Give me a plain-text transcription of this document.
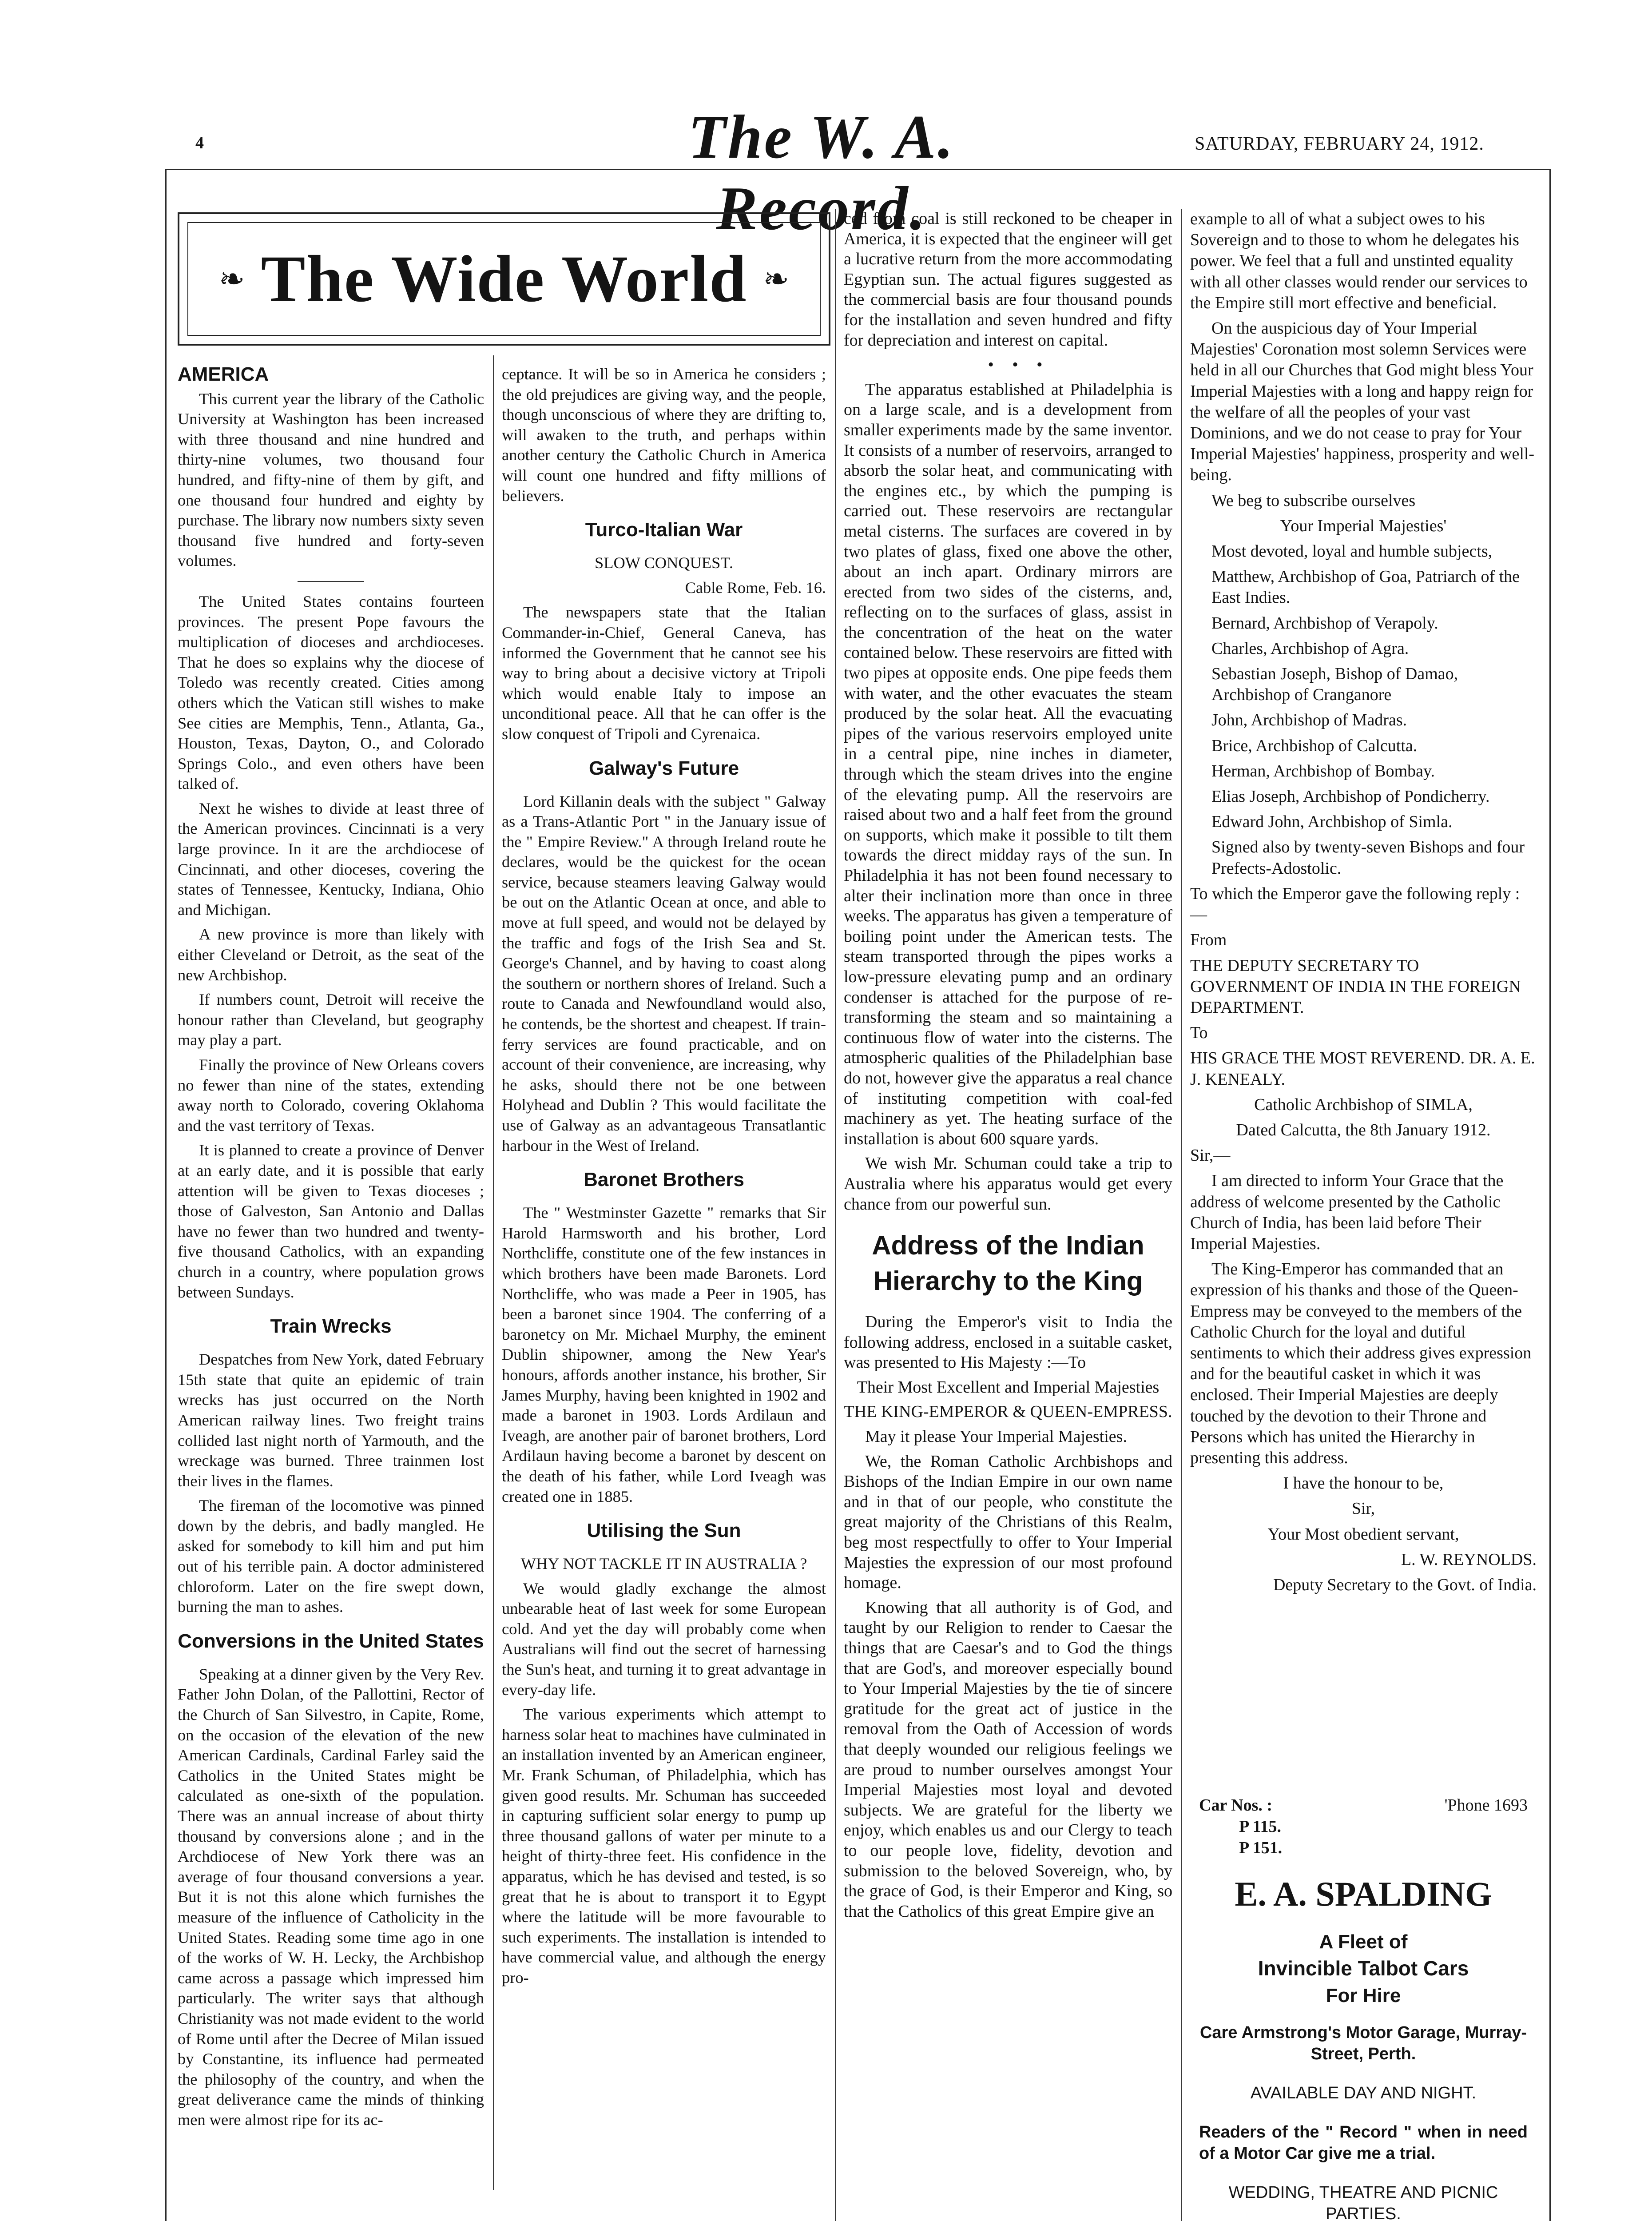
4	The W. A. Record.
SATURDAY, FEBRUARY 24, 1912.
❧ The Wide World ❧
AMERICA

This current year the library of the Catholic University at Washington has been increased with three thousand and nine hundred and thirty-nine volumes, two thousand four hundred, and fifty-nine of them by gift, and one thousand four hundred and eighty by purchase. The library now numbers sixty seven thousand five hundred and forty-seven volumes.

The United States contains fourteen provinces. The present Pope favours the multiplication of dioceses and archdioceses. That he does so explains why the diocese of Toledo was recently created. Cities among others which the Vatican still wishes to make See cities are Memphis, Tenn., Atlanta, Ga., Houston, Texas, Dayton, O., and Colorado Springs Colo., and even others have been talked of.

Next he wishes to divide at least three of the American provinces. Cincinnati is a very large province. In it are the archdiocese of Cincinnati, and other dioceses, covering the states of Tennessee, Kentucky, Indiana, Ohio and Michigan.

A new province is more than likely with either Cleveland or Detroit, as the seat of the new Archbishop.

If numbers count, Detroit will receive the honour rather than Cleveland, but geography may play a part.

Finally the province of New Orleans covers no fewer than nine of the states, extending away north to Colorado, covering Oklahoma and the vast territory of Texas.

It is planned to create a province of Denver at an early date, and it is possible that early attention will be given to Texas dioceses ; those of Galveston, San Antonio and Dallas have no fewer than two hundred and twenty-five thousand Catholics, with an expanding church in a country, where population grows between Sundays.

Train Wrecks

Despatches from New York, dated February 15th state that quite an epidemic of train wrecks has just occurred on the North American railway lines. Two freight trains collided last night north of Yarmouth, and the wreckage was burned. Three trainmen lost their lives in the flames.

The fireman of the locomotive was pinned down by the debris, and badly mangled. He asked for somebody to kill him and put him out of his terrible pain. A doctor administered chloroform. Later on the fire swept down, burning the man to ashes.

Conversions in the United States

Speaking at a dinner given by the Very Rev. Father John Dolan, of the Pallottini, Rector of the Church of San Silvestro, in Capite, Rome, on the occasion of the elevation of the new American Cardinals, Cardinal Farley said the Catholics in the United States might be calculated as one-sixth of the population. There was an annual increase of about thirty thousand by conversions alone ; and in the Archdiocese of New York there was an average of four thousand conversions a year. But it is not this alone which furnishes the measure of the influence of Catholicity in the United States. Reading some time ago in one of the works of W. H. Lecky, the Archbishop came across a passage which impressed him particularly. The writer says that although Christianity was not made evident to the world of Rome until after the Decree of Milan issued by Constantine, its influence had permeated the philosophy of the country, and when the great deliverance came the minds of thinking men were almost ripe for its ac-

ceptance. It will be so in America he considers ; the old prejudices are giving way, and the people, though unconscious of where they are drifting to, will awaken to the truth, and perhaps within another century the Catholic Church in America will count one hundred and fifty millions of believers.

Turco-Italian War

SLOW CONQUEST.

Cable Rome, Feb. 16.

The newspapers state that the Italian Commander-in-Chief, General Caneva, has informed the Government that he cannot see his way to bring about a decisive victory at Tripoli which would enable Italy to impose an unconditional peace. All that he can offer is the slow conquest of Tripoli and Cyrenaica.

Galway's Future

Lord Killanin deals with the subject " Galway as a Trans-Atlantic Port " in the January issue of the " Empire Review." A through Ireland route he declares, would be the quickest for the ocean service, because steamers leaving Galway would be out on the Atlantic Ocean at once, and able to move at full speed, and would not be delayed by the traffic and fogs of the Irish Sea and St. George's Channel, and by having to coast along the southern or northern shores of Ireland. Such a route to Canada and Newfoundland would also, he contends, be the shortest and cheapest. If train-ferry services are found practicable, and on account of their convenience, are increasing, why he asks, should there not be one between Holyhead and Dublin ? This would facilitate the use of Galway as an advantageous Transatlantic harbour in the West of Ireland.

Baronet Brothers

The " Westminster Gazette " remarks that Sir Harold Harmsworth and his brother, Lord Northcliffe, constitute one of the few instances in which brothers have been made Baronets. Lord Northcliffe, who was made a Peer in 1905, has been a baronet since 1904. The conferring of a baronetcy on Mr. Michael Murphy, the eminent Dublin shipowner, among the New Year's honours, affords another instance, his brother, Sir James Murphy, having been knighted in 1902 and made a baronet in 1903. Lords Ardilaun and Iveagh, are another pair of baronet brothers, Lord Ardilaun having become a baronet by descent on the death of his father, while Lord Iveagh was created one in 1885.

Utilising the Sun

WHY NOT TACKLE IT IN AUSTRALIA ?

We would gladly exchange the almost unbearable heat of last week for some European cold. And yet the day will probably come when Australians will find out the secret of harnessing the Sun's heat, and turning it to great advantage in every-day life.

The various experiments which attempt to harness solar heat to machines have culminated in an installation invented by an American engineer, Mr. Frank Schuman, of Philadelphia, which has given good results. Mr. Schuman has succeeded in capturing sufficient solar energy to pump up three thousand gallons of water per minute to a height of thirty-three feet. His confidence in the apparatus, which he has devised and tested, is so great that he is about to transport it to Egypt where the latitude will be more favourable to such experiments. The installation is intended to have commercial value, and although the energy pro-

ced from coal is still reckoned to be cheaper in America, it is expected that the engineer will get a lucrative return from the more accommodating Egyptian sun. The actual figures suggested as the commercial basis are four thousand pounds for the installation and seven hundred and fifty for depreciation and interest on capital.

• • •

The apparatus established at Philadelphia is on a large scale, and is a development from smaller experiments made by the same inventor. It consists of a number of reservoirs, arranged to absorb the solar heat, and communicating with the engines etc., by which the pumping is carried out. These reservoirs are rectangular metal cisterns. The surfaces are covered in by two plates of glass, fixed one above the other, about an inch apart. Ordinary mirrors are erected from two sides of the cisterns, and, reflecting on to the surfaces of glass, assist in the concentration of the heat on the water contained below. These reservoirs are fitted with two pipes at opposite ends. One pipe feeds them with water, and the other evacuates the steam produced by the solar heat. All the evacuating pipes of the various reservoirs employed unite in a central pipe, nine inches in diameter, through which the steam drives into the engine of the elevating pump. All the reservoirs are raised about two and a half feet from the ground on supports, which make it possible to tilt them towards the direct midday rays of the sun. In Philadelphia it has not been found necessary to alter their inclination more than once in three weeks. The apparatus has given a temperature of boiling point under the American tests. The steam transported through the pipes works a low-pressure elevating pump and an ordinary condenser is attached for the purpose of re-transforming the steam and so maintaining a continuous flow of water into the cisterns. The atmospheric qualities of the Philadelphian base do not, however give the apparatus a real chance of instituting competition with coal-fed machinery as yet. The heating surface of the installation is about 600 square yards.

We wish Mr. Schuman could take a trip to Australia where his apparatus would get every chance from our powerful sun.

Address of the Indian Hierarchy to the King

During the Emperor's visit to India the following address, enclosed in a suitable casket, was presented to His Majesty :—To

Their Most Excellent and Imperial Majesties

THE KING-EMPEROR & QUEEN-EMPRESS.

May it please Your Imperial Majesties.

We, the Roman Catholic Archbishops and Bishops of the Indian Empire in our own name and in that of our people, who constitute the great majority of the Christians of this Realm, beg most respectfully to offer to Your Imperial Majesties the expression of our most profound homage.

Knowing that all authority is of God, and taught by our Religion to render to Caesar the things that are Caesar's and to God the things that are God's, and moreover especially bound to Your Imperial Majesties by the tie of sincere gratitude for the great act of justice in the removal from the Oath of Accession of words that deeply wounded our religious feelings we are proud to number ourselves amongst Your Imperial Majesties most loyal and devoted subjects. We are grateful for the liberty we enjoy, which enables us and our Clergy to teach to our people love, fidelity, devotion and submission to the beloved Sovereign, who, by the grace of God, is their Emperor and King, so that the Catholics of this great Empire give an

example to all of what a subject owes to his Sovereign and to those to whom he delegates his power. We feel that a full and unstinted equality with all other classes would render our services to the Empire still mort effective and beneficial.

On the auspicious day of Your Imperial Majesties' Coronation most solemn Services were held in all our Churches that God might bless Your Imperial Majesties with a long and happy reign for the welfare of all the peoples of your vast Dominions, and we do not cease to pray for Your Imperial Majesties' happiness, prosperity and well-being.

We beg to subscribe ourselves

Your Imperial Majesties'

Most devoted, loyal and humble subjects,

Matthew, Archbishop of Goa, Patriarch of the East Indies.

Bernard, Archbishop of Verapoly.

Charles, Archbishop of Agra.

Sebastian Joseph, Bishop of Damao, Archbishop of Cranganore

John, Archbishop of Madras.

Brice, Archbishop of Calcutta.

Herman, Archbishop of Bombay.

Elias Joseph, Archbishop of Pondicherry.

Edward John, Archbishop of Simla.

Signed also by twenty-seven Bishops and four Prefects-Adostolic.

To which the Emperor gave the following reply :—

From

THE DEPUTY SECRETARY TO GOVERNMENT OF INDIA IN THE FOREIGN DEPARTMENT.

To

HIS GRACE THE MOST REVEREND. DR. A. E. J. KENEALY.

Catholic Archbishop of SIMLA,

Dated Calcutta, the 8th January 1912.

Sir,—

I am directed to inform Your Grace that the address of welcome presented by the Catholic Church of India, has been laid before Their Imperial Majesties.

The King-Emperor has commanded that an expression of his thanks and those of the Queen-Empress may be conveyed to the members of the Catholic Church for the loyal and dutiful sentiments to which their address gives expression and for the beautiful casket in which it was enclosed. Their Imperial Majesties are deeply touched by the devotion to their Throne and Persons which has united the Hierarchy in presenting this address.

I have the honour to be,

Sir,

Your Most obedient servant,

L. W. REYNOLDS.

Deputy Secretary to the Govt. of India.

Car Nos. :	'Phone 1693

P 115.

P 151.

E. A. SPALDING

A Fleet of

Invincible Talbot Cars

For Hire

Care Armstrong's Motor Garage, Murray-Street, Perth.

AVAILABLE DAY AND NIGHT.

Readers of the " Record " when in need of a Motor Car give me a trial.

WEDDING, THEATRE AND PICNIC PARTIES.
